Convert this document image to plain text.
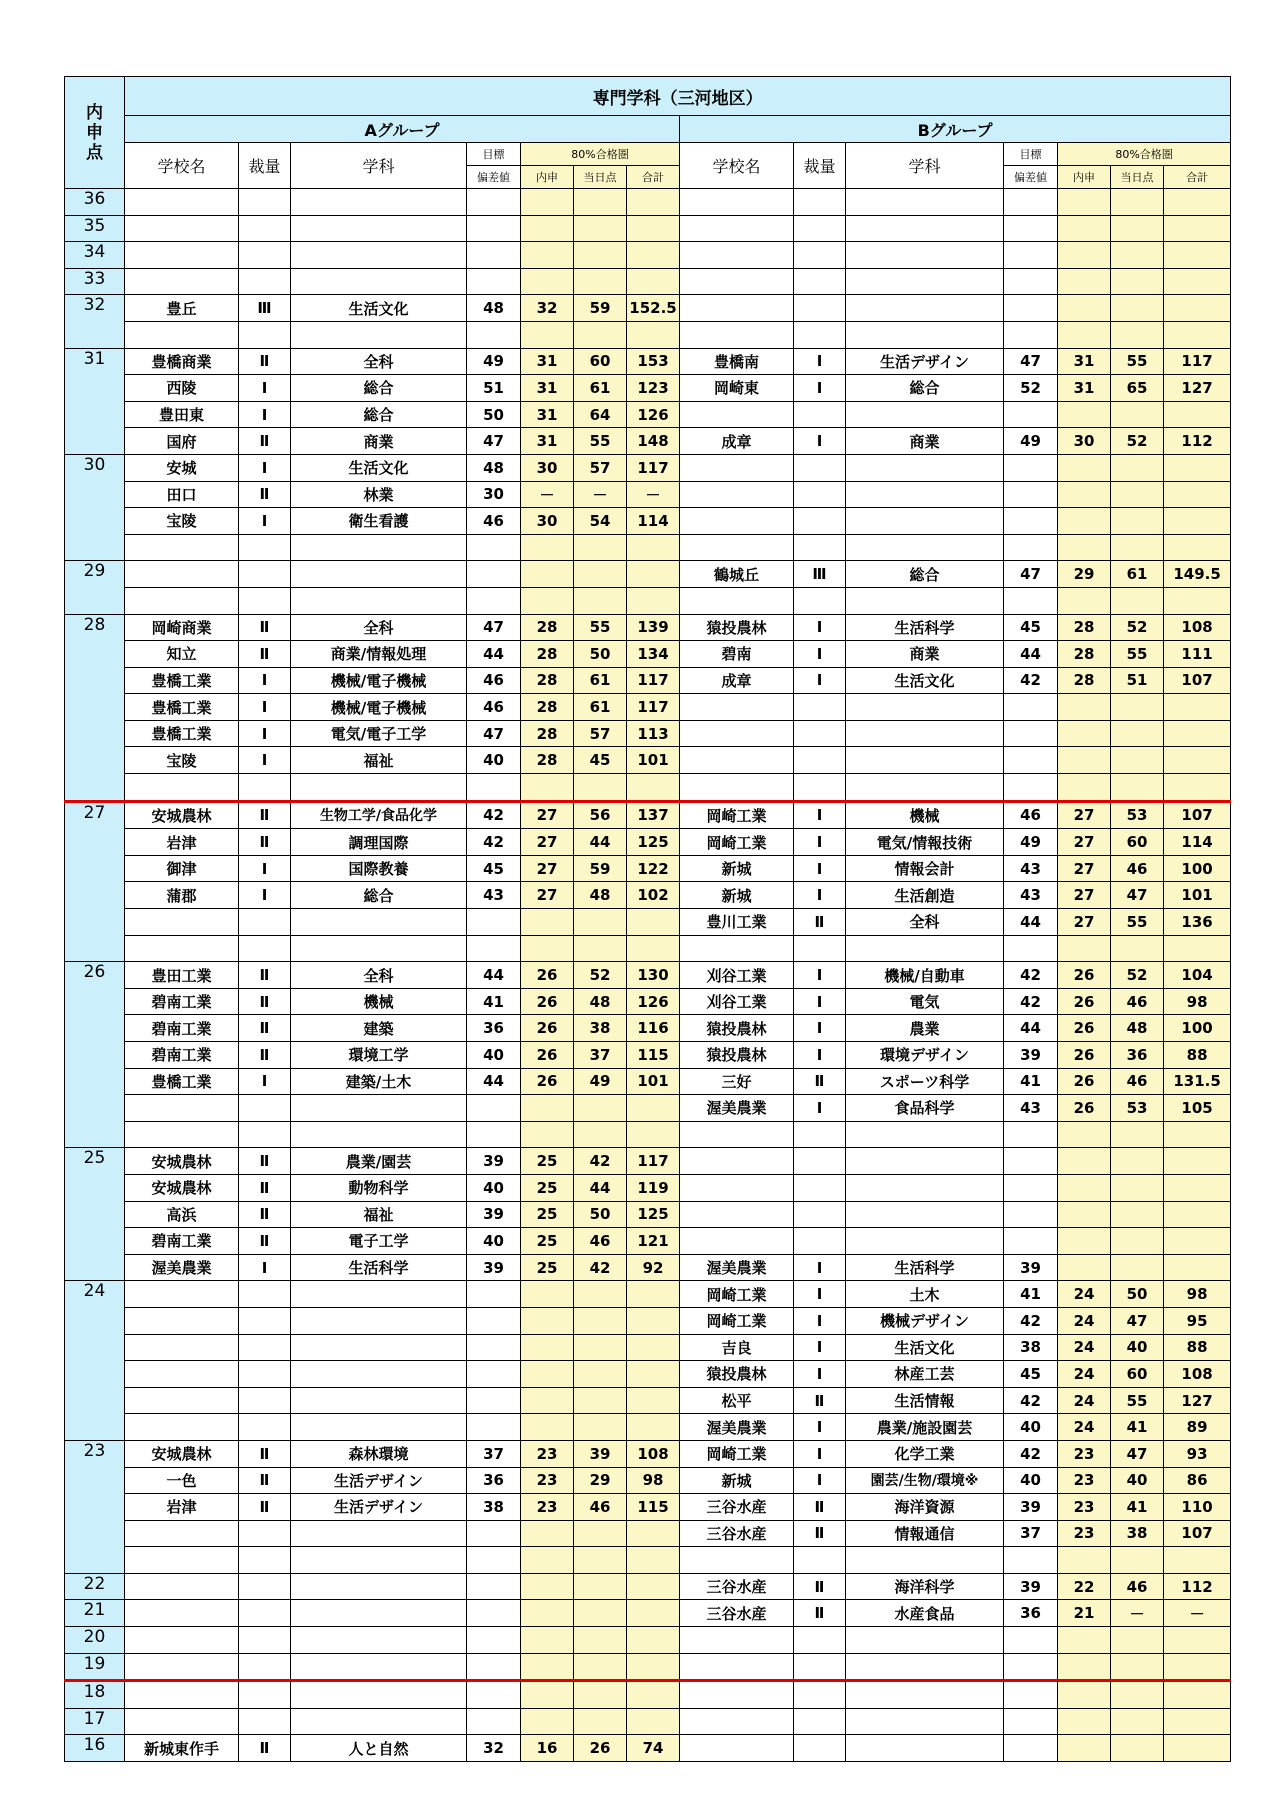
内
申
点	専門学科（三河地区）													
	Aグループ							Bグループ						
	学校名	裁量	学科	目標	80%合格圏			学校名	裁量	学科	目標	80%合格圏		
				偏差値	内申	当日点	合計				偏差値	内申	当日点	合計
36														
35														
34														
33														
32	豊丘	Ⅲ	生活文化	48	32	59	152.5							

31	豊橋商業	Ⅱ	全科	49	31	60	153	豊橋南	Ⅰ	生活デザイン	47	31	55	117
	西陵	Ⅰ	総合	51	31	61	123	岡崎東	Ⅰ	総合	52	31	65	127
	豊田東	Ⅰ	総合	50	31	64	126							
	国府	Ⅱ	商業	47	31	55	148	成章	Ⅰ	商業	49	30	52	112
30	安城	Ⅰ	生活文化	48	30	57	117							
	田口	Ⅱ	林業	30	－	－	－							
	宝陵	Ⅰ	衛生看護	46	30	54	114							

29								鶴城丘	Ⅲ	総合	47	29	61	149.5

28	岡崎商業	Ⅱ	全科	47	28	55	139	猿投農林	Ⅰ	生活科学	45	28	52	108
	知立	Ⅱ	商業/情報処理	44	28	50	134	碧南	Ⅰ	商業	44	28	55	111
	豊橋工業	Ⅰ	機械/電子機械	46	28	61	117	成章	Ⅰ	生活文化	42	28	51	107
	豊橋工業	Ⅰ	機械/電子機械	46	28	61	117							
	豊橋工業	Ⅰ	電気/電子工学	47	28	57	113							
	宝陵	Ⅰ	福祉	40	28	45	101							

27	安城農林	Ⅱ	生物工学/食品化学	42	27	56	137	岡崎工業	Ⅰ	機械	46	27	53	107
	岩津	Ⅱ	調理国際	42	27	44	125	岡崎工業	Ⅰ	電気/情報技術	49	27	60	114
	御津	Ⅰ	国際教養	45	27	59	122	新城	Ⅰ	情報会計	43	27	46	100
	蒲郡	Ⅰ	総合	43	27	48	102	新城	Ⅰ	生活創造	43	27	47	101
								豊川工業	Ⅱ	全科	44	27	55	136

26	豊田工業	Ⅱ	全科	44	26	52	130	刈谷工業	Ⅰ	機械/自動車	42	26	52	104
	碧南工業	Ⅱ	機械	41	26	48	126	刈谷工業	Ⅰ	電気	42	26	46	98
	碧南工業	Ⅱ	建築	36	26	38	116	猿投農林	Ⅰ	農業	44	26	48	100
	碧南工業	Ⅱ	環境工学	40	26	37	115	猿投農林	Ⅰ	環境デザイン	39	26	36	88
	豊橋工業	Ⅰ	建築/土木	44	26	49	101	三好	Ⅱ	スポーツ科学	41	26	46	131.5
								渥美農業	Ⅰ	食品科学	43	26	53	105

25	安城農林	Ⅱ	農業/園芸	39	25	42	117							
	安城農林	Ⅱ	動物科学	40	25	44	119							
	高浜	Ⅱ	福祉	39	25	50	125							
	碧南工業	Ⅱ	電子工学	40	25	46	121							
	渥美農業	Ⅰ	生活科学	39	25	42	92	渥美農業	Ⅰ	生活科学	39			
24								岡崎工業	Ⅰ	土木	41	24	50	98
								岡崎工業	Ⅰ	機械デザイン	42	24	47	95
								吉良	Ⅰ	生活文化	38	24	40	88
								猿投農林	Ⅰ	林産工芸	45	24	60	108
								松平	Ⅱ	生活情報	42	24	55	127
								渥美農業	Ⅰ	農業/施設園芸	40	24	41	89
23	安城農林	Ⅱ	森林環境	37	23	39	108	岡崎工業	Ⅰ	化学工業	42	23	47	93
	一色	Ⅱ	生活デザイン	36	23	29	98	新城	Ⅰ	園芸/生物/環境※	40	23	40	86
	岩津	Ⅱ	生活デザイン	38	23	46	115	三谷水産	Ⅱ	海洋資源	39	23	41	110
								三谷水産	Ⅱ	情報通信	37	23	38	107

22								三谷水産	Ⅱ	海洋科学	39	22	46	112
21								三谷水産	Ⅱ	水産食品	36	21	－	－
20														
19														
18														
17														
16	新城東作手	Ⅱ	人と自然	32	16	26	74							
